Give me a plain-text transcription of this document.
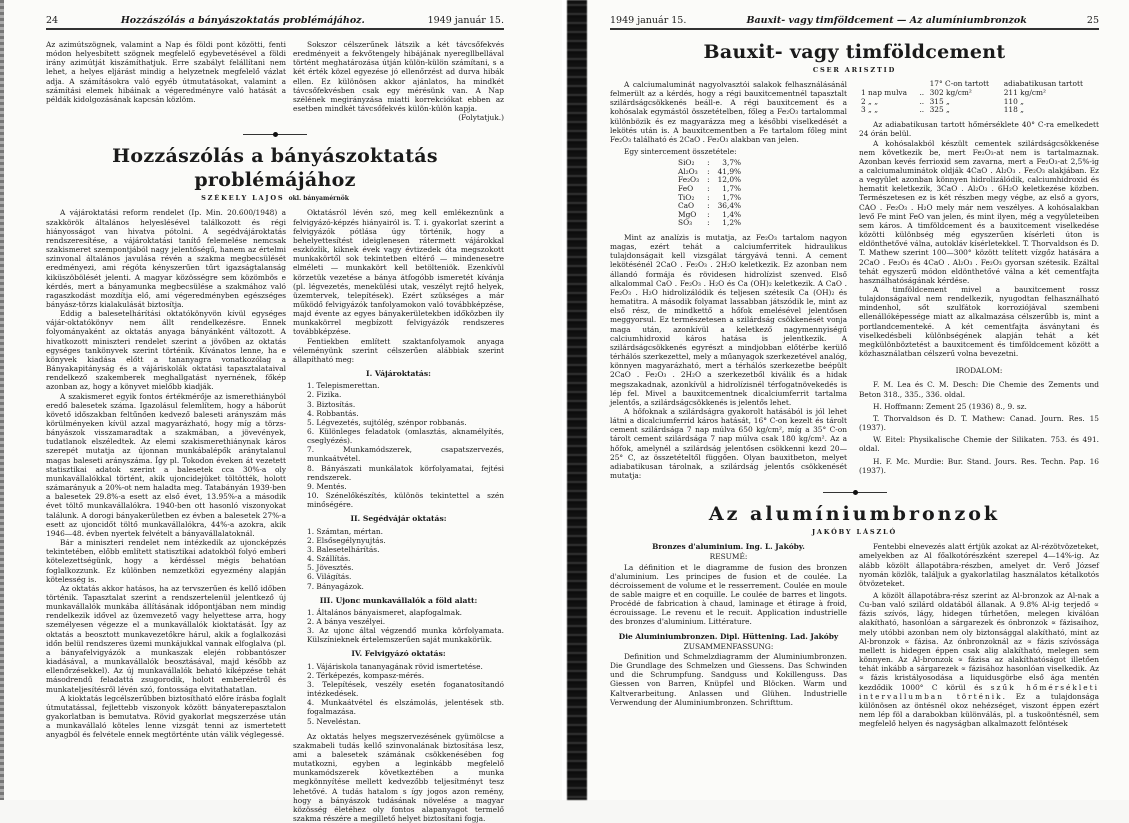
24	Hozzászólás a bányászoktatás problémájához.	1949 január 15.

Az azimútszögnek, valamint a Nap és földi pont közötti, fenti módon helyesbített szögnek megfelelő egybevetésével a földi irány azimútját kiszámíthatjuk. Erre szabályt felállítani nem lehet, a helyes eljárást mindig a helyzetnek megfelelő vázlat adja. A számításokra való egyéb útmutatásokat, valamint a számítási elemek hibáinak a végeredményre való hatását a példák kidolgozásának kapcsán közlöm.

Sokszor célszerűnek látszik a két távcsőfekvés eredményeit a fekvőtengely hibájának nyeregllbellával történt meghatározása útján külön-külön számítani, s a két érték közel egyezése jó ellenőrzést ad durva hibák ellen. Ez különösen akkor ajánlatos, ha mindkét távcsőfekvésben csak egy mérésünk van. A Nap szélének megirányzása miatti korrekciókat ebben az esetben mindkét távcsőfekvés külön-külön kapja.

(Folytatjuk.)
Hozzászólás a bányászoktatás problémájához
SZÉKELY LAJOS okl. bányamérnök

A vájároktatási reform rendelet (Ip. Min. 20.600/1948) a szakkörök általános helyeslésével találkozott és régi hiányosságot van hivatva pótolni. A segédvájároktatás rendszeresítése, a vájároktatási tanítő felemelése nemcsak szakismeret szempontjából nagy jelentőségű, hanem az értelmi szinvonal általános javulása révén a szakma megbecsülését eredményezi, ami régóta kényszerűen tűrt igazságtalanság kiküszöbölését jelenti. A magyar közösségre sem közömbös e kérdés, mert a bányamunka megbecsülése a szakmához való ragaszkodást mozdítja elő, ami végeredményben egészséges bányász-törzs kialakulását biztosítja.

Eddig a balesetelhárítási oktatókönyvön kívül egységes vájár-oktatókönyv nem állt rendelkezésre. Ennek folyományaként az oktatás anyaga bányánként változott. A hivatkozott miniszteri rendelet szerint a jövőben az oktatás egységes tankönyvek szerint történik. Kívánatos lenne, ha e könyvek kiadása előtt a tananyagra vonatkozólag a Bányakapitányság és a vájáriskolák oktatási tapasztalataival rendelkező szakemberek meghallgatást nyernének, főkép azonban az, hogy a könyvet mielőbb kiadják.

A szakismeret egyik fontos értékmérője az ismerethiányból eredő balesetek száma. Igazolásul felemlítem, hogy a háborút követő időszakban feltűnően kedvező baleseti arányszám más körülményeken kívül azzal magyarázható, hogy míg a törzs-bányászok visszamaradtak a szakmában, a jövevények, tudatlanok elszéledtek. Az elemi szakismerethiánynak káros szerepét mutatja az újonnan munkábalépők aránytalanul magas baleseti arányszáma. Így pl. Tokodon éveken át vezetett statisztikai adatok szerint a balesetek cca 30%-a oly munkavállalókkal történt, akik ujoncidejüket töltötték, holott számarányuk a 20%-ot nem haladta meg. Tatabányán 1939-ben a balesetek 29.8%-a esett az első évet, 13.95%-a a második évet töltő munkavállalókra. 1940-ben ott hasonló viszonyokat találunk. A dorogi bányakerületben ez évben a balesetek 27%-a esett az ujoncidőt töltő munkavállalókra, 44%-a azokra, akik 1946—48. évben nyertek felvételt a bányavállalatoknál.

Bár a miniszteri rendelet nem intézkedik az ujoncképzés tekintetében, előbb említett statisztikai adatokból folyó emberi kötelezettségünk, hogy a kérdéssel mégis behatóan foglalkozzunk. Ez különben nemzetközi egyezmény alapján kötelesség is.

Az oktatás akkor hatásos, ha az tervszerűen és kellő időben történik. Tapasztalat szerint a rendszertelenül jelentkező új munkavállalók munkába állításának időpontjában nem mindig rendelkezik idővel az üzemvezető vagy helyettese arra, hogy személyesen végezze el a munkavállalók kioktatását. Így az oktatás a beosztott munkavezetőkre hárul, akik a foglalkozási időn belül rendszeres üzemi munkájukkal vannak elfoglalva (pl. a bányafelvigyázók a munkaszak elején robbantószer kiadásával, a munkavállalók beosztásával, majd később az ellenőrzésekkel). Az új munkavállalók beható kiképzése tehát másodrendű feladattá zsugorodik, holott emberéletről és munkateljesítésről lévén szó, fontossága elvitathatatlan.

A kioktatás legcélszerűbben biztosítható előre írásba foglalt útmutatással, fejlettebb viszonyok között bányaterepasztalon gyakorlatban is bemutatva. Rövid gyakorlat megszerzése után a munkavállaló köteles lenne vizsgát tenni az ismertetett anyagból és felvétele ennek megtörténte után válik véglegessé.

Oktatásról lévén szó, meg kell emlékeznünk a felvigyázó-képzés hiányairól is. T. i. gyakorlat szerint a felvigyázók pótlása úgy történik, hogy a behelyettesítést ideiglenesen rátermett vájárokkal eszközlik, kiknek évek vagy évtizedek óta megszokott munkakörtől sok tekintetben eltérő — mindenesetre elméleti — munkakört kell betölteniök. Ezenkívül körzetük vezetése a bánya átfogóbb ismeretét kívánja (pl. légvezetés, menekülési utak, veszélyt rejtő helyek, üzemtervek, telepítések). Ezért szükséges a már működő felvigyázók tanfolyamokon való továbbképzése, majd évente az egyes bányakerületekben időközben ily munkakörrel megbízott felvigyázók rendszeres továbbképzése.

Fentiekben említett szaktanfolyamok anyaga véleményünk szerint célszerűen alábbiak szerint állapítható meg:

I. Vájároktatás:
1. Telepismerettan.
2. Fizika.
3. Biztosítás.
4. Robbantás.
5. Légvezetés, sujtólég, szénpor robbanás.
6. Különleges feladatok (omlasztás, aknamélyítés, cseglyézés).
7. Munkamódszerek, csapatszervezés, munkaátvétel.
8. Bányászati munkálatok körfolyamatai, fejtési rendszerek.
9. Mentés.
10. Szénelőkészítés, különös tekintettel a szén minőségére.
II. Segédvájár oktatás:
1. Számtan, mértan.
2. Elsősegélynyujtás.
3. Balesetelhárítás.
4. Szállítás.
5. Jövesztés.
6. Világítás.
7. Bányagázok.
III. Ujonc munkavállalók a föld alatt:
1. Általános bányaismeret, alapfogalmak.
2. A bánya veszélyei.
3. Az ujonc által végzendő munka körfolyamata. Külszínieknek értelemszerűen saját munkakörük.
IV. Felvigyázó oktatás:
1. Vájáriskola tananyagának rövid ismertetése.
2. Térképezés, kompasz-mérés.
3. Telepítések, veszély esetén foganatosítandó intézkedések.
4. Munkaátvétel és elszámolás, jelentések stb. fogalmazása.
5. Neveléstan.

Az oktatás helyes megszervezésének gyümölcse a szakmabeli tudás kellő szinvonalának biztosítása lesz, ami a balesetek számának csökkenésében fog mutatkozni, egyben a leginkább megfelelő munkamódszerek következtében a munka megkönnyítése mellett kedvezőbb teljesítményt tesz lehetővé. A tudás hatalom s így jogos azon remény, hogy a bányászok tudásának növelése a magyar közösség életéhez oly fontos alapanyagot termelő szakma részére a megillető helyet biztosítani fogja.

1949 január 15.	Bauxit- vagy timföldcement — Az alumíniumbronzok	25
Bauxit- vagy timföldcement
CSER ARISZTID

A calciumaluminát nagyolvasztói salakok felhasználásánál felmerült az a kérdés, hogy a régi bauxitcementnél tapasztalt szilárdságcsökkenés beáll-e. A régi bauxitcement és a kohósalak egymástól összetételben, főleg a Fe₂O₃ tartalommal különbözik és ez magyarázza meg a későbbi viselkedését a lekötés után is. A bauxitcementben a Fe tartalom főleg mint Fe₂O₃ található és 2CaO . Fe₂O₃ alakban van jelen.

Egy sintercement összetétele:

SiO₂	:	3,7%
Al₂O₃	:	41,9%
Fe₂O₃	:	12,0%
FeO	:	1,7%
TiO₂	:	1,7%
CaO	:	36,4%
MgO	:	1,4%
SO₃	:	1,2%

Mint az analízis is mutatja, az Fe₂O₃ tartalom nagyon magas, ezért tehát a calciumferritek hidraulikus tulajdonságait kell vizsgálat tárgyává tenni. A cement lekötésénél 2CaO . Fe₂O₃ . 2H₂O keletkezik. Ez azonban nem állandó formája és rövidesen hidrolízist szenved. Első alkalommal CaO . Fe₂O₃ . H₂O és Ca (OH)₂ keletkezik. A CaO . Fe₂O₃ . H₂O hidrolizálódik és teljesen szétesik Ca (OH)₂ és hematitra. A második folyamat lassabban játszódik le, mint az első rész, de mindkettő a hőfok emelésével jelentősen meggyorsul. Ez természetesen a szilárdság csökkenését vonja maga után, azonkívül a keletkező nagymennyiségű calciumhidroxid káros hatása is jelentkezik. A szilárdságcsökkenés egyrészt a mindjobban előtérbe kerülő térhálós szerkezettel, mely a műanyagok szerkezetével analóg, könnyen magyarázható, mert a térhálós szerkezetbe beépült 2CaO . Fe₂O₃ . 2H₂O a szerkezetből kiválik és a hidak megszakadnak, azonkívül a hidrolízisnél térfogatnövekedés is lép fel. Mivel a bauxitcementnek dicalciumferrit tartalma jelentős, a szilárdságcsökkenés is jelentős lehet.

A hőfoknak a szilárdságra gyakorolt hatásából is jól lehet látni a dicalciumferrid káros hatását, 16° C-on kezelt és tárolt cement szilárdsága 7 nap múlva 650 kg/cm², míg a 35° C-on tárolt cement szilárdsága 7 nap múlva csak 180 kg/cm². Az a hőfok, amelynél a szilárdság jelentősen csökkenni kezd 20—25° C, az összetételtől függően. Olyan bauxitbeton, melyet adiabatikusan tárolnak, a szilárdság jelentős csökkenését mutatja:

		17° C-on tartott	adiabatikusan tartott
1 nap mulva	..	302 kg/cm²	211 kg/cm²
2 „ „	..	315 „	110 „
3 „ „	..	325 „	118 „

Az adiabatikusan tartott hőmérséklete 40° C-ra emelkedett 24 órán belül.

A kohósalakból készült cementek szilárdságcsökkenése nem következik be, mert Fe₂O₃-at nem is tartalmaznak. Azonban kevés ferrioxid sem zavarna, mert a Fe₂O₃-at 2,5%-ig a calciumaluminátok oldják 4CaO . Al₂O₃ . Fe₂O₃ alakjában. Ez a vegyület azonban könnyen hidrolizálódik, calciumhidroxid és hematit keletkezik, 3CaO . Al₂O₃ . 6H₂O keletkezése közben. Természetesen ez is két részben megy végbe, az első a gyors, CAO . Fe₂O₃ . H₂O mely már nem veszélyes. A kohósalakban levő Fe mint FeO van jelen, és mint ilyen, még a vegyületeiben sem káros. A timföldcement és a bauxitcement viselkedése közötti különbség még egyszerűen kísérleti úton is eldönthetővé válna, autokláv kísérletekkel. T. Thorvaldson és D. T. Mathew szerint 100—300° között telített vízgőz hatására a 2CaO . Fe₂O₃ és 4CaO . Al₂O₃ . Fe₂O₃ gyorsan szétesik. Ezáltal tehát egyszerű módon eldönthetővé válna a két cementfajta használhatóságának kérdése.

A timföldcement mivel a bauxitcement rossz tulajdonságaival nem rendelkezik, nyugodtan felhasználható mindenhol, sőt szulfátok korroziójával szembeni ellenállóképessége miatt az alkalmazása célszerűbb is, mint a portlandcementeké. A két cementfajta ásványtani és viselkedésbeli különbségének alapján tehát a két megkülönböztetést a bauxitcement és timföldcement között a közhasználatban célszerű volna bevezetni.

IRODALOM:
F. M. Lea és C. M. Desch: Die Chemie des Zements und Beton 318., 335., 336. oldal.
H. Hoffmann: Zement 25 (1936) 8., 9. sz.
T. Thorvaldson és D. T. Mathew: Canad. Journ. Res. 15 (1937).
W. Eitel: Physikalische Chemie der Silikaten. 753. és 491. oldal.
H. F. Mc. Murdie: Bur. Stand. Jours. Res. Techn. Pap. 16 (1937).
Az alumíniumbronzok
JAKÓBY LÁSZLÓ
Bronzes d'aluminium. Ing. L. Jakóby.
RESUMÉ:

La définition et le diagramme de fusion des bronzen d'aluminium. Les principes de fusion et de coulée. La décroissement de volume et le resserrement. Coulée en moule de sable maigre et en coquille. Le coulée de barres et lingots. Procédé de fabrication à chaud, laminage et étirage à froid, écrouissage. Le revenu et le recuit. Application industrielle des bronzes d'aluminium. Littérature.

Die Aluminiumbronzen. Dipl. Hüttening. Lad. Jakóby
ZUSAMMENFASSUNG:

Definition und Schmelzdiagramm der Aluminiumbronzen. Die Grundlage des Schmelzen und Giessens. Das Schwinden und die Schrumpfung. Sandguss und Kokillenguss. Das Giessen von Barren, Knüpfel und Blöcken. Warm und Kaltverarbeitung. Anlassen und Glühen. Industrielle Verwendung der Aluminiumbronzen. Schrifttum.

Fentebbi elnevezés alatt értjük azokat az Al-rézötvözeteket, amelyekben az Al főalkotórészként szerepel 4—14%-ig. Az alább közölt állapotábra-részben, amelyet dr. Verő József nyomán közlök, találjuk a gyakorlatilag használatos kétalkotós ötvözeteket.

A közölt állapotábra-rész szerint az Al-bronzok az Al-nak a Cu-ban való szilárd oldatából állanak. A 9.8% Al-ig terjedő ∝ fázis szívós, lágy, hidegen tűrhetően, melegen kiválóan alakítható, hasonlóan a sárgarezek és ónbronzok ∝ fázisaihoz, mely utóbbi azonban nem oly biztonsággal alakítható, mint az Al-bronzok ∝ fázisa. Az ónbronzoknál az ∝ fázis szívóssága mellett is hidegen éppen csak alig alakítható, melegen sem könnyen. Az Al-bronzok ∝ fázisa az alakíthatóságot illetően tehát inkább a sárgarezek ∝ fázisához hasonlóan viselkedik. Az ∝ fázis kristályosodása a liquidusgörbe első ága mentén kezdődik 1000° C körül és szűk hőmérsékleti intervallumban történik. Ez a tulajdonsága különösen az öntésnél okoz nehézséget, viszont éppen ezért nem lép föl a darabokban különválás, pl. a tuskoöntésnél, sem megfelelő helyen és nagyságban alkalmazott felöntések
